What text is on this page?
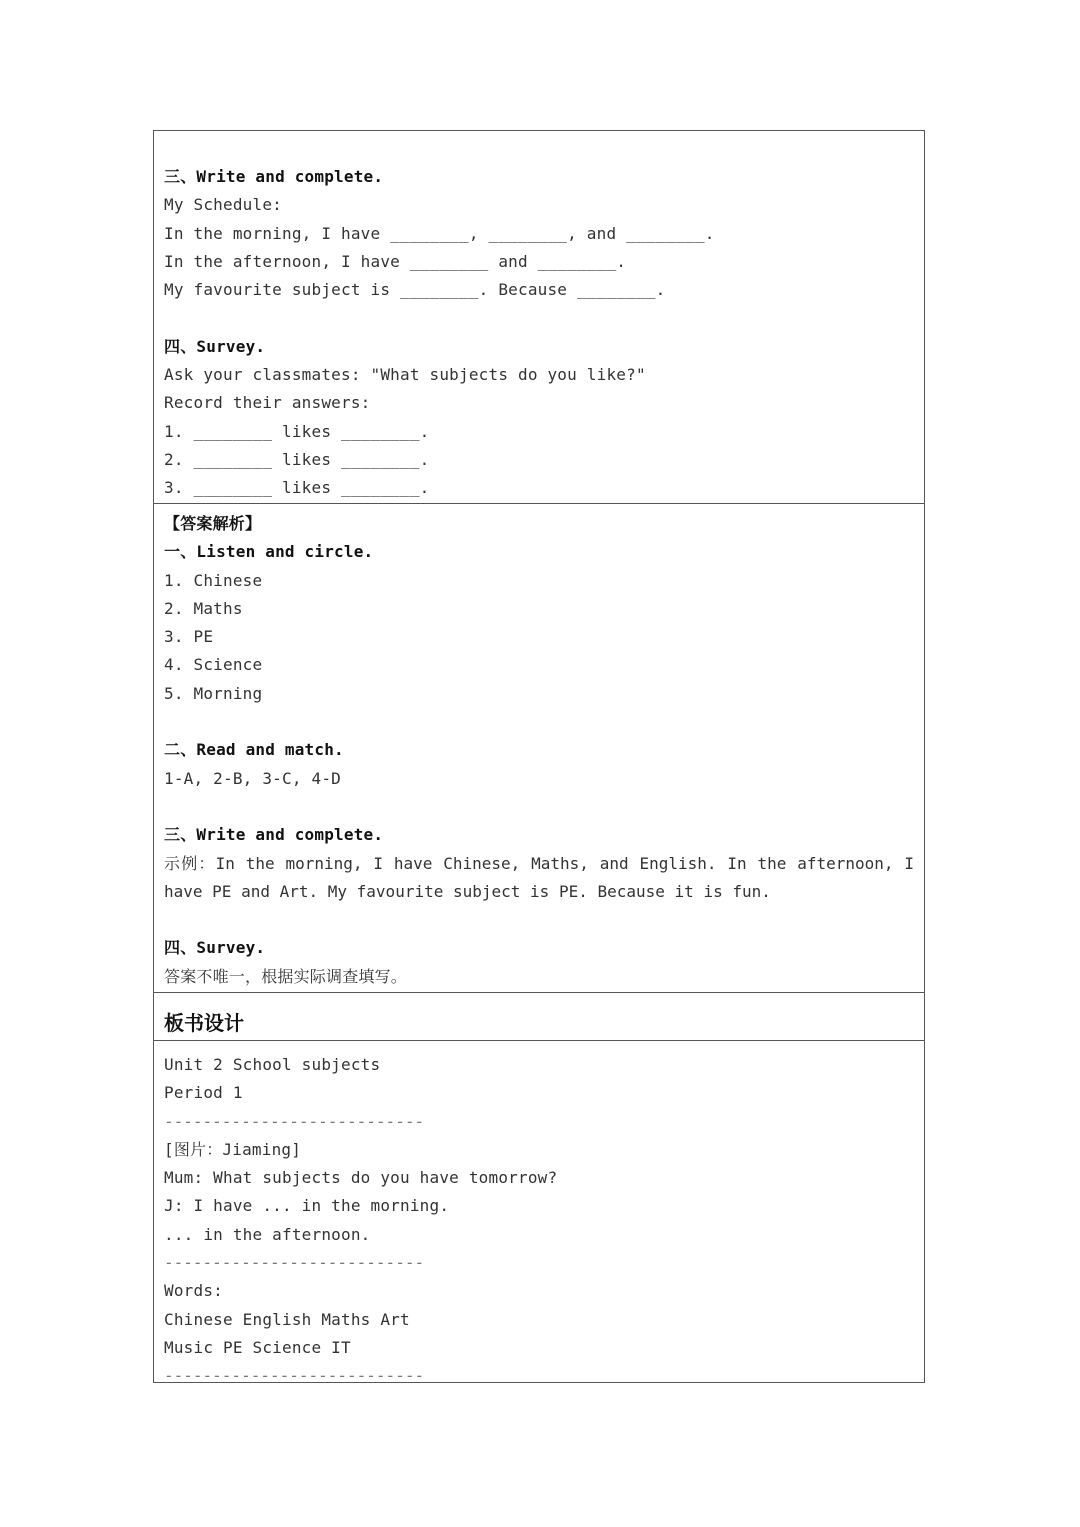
三、Write and complete.
My Schedule:
In the morning, I have ________, ________, and ________.
In the afternoon, I have ________ and ________.
My favourite subject is ________. Because ________.
四、Survey.
Ask your classmates: "What subjects do you like?"
Record their answers:
1. ________ likes ________.
2. ________ likes ________.
3. ________ likes ________.
【答案解析】
一、Listen and circle.
1. Chinese
2. Maths
3. PE
4. Science
5. Morning
二、Read and match.
1-A, 2-B, 3-C, 4-D
三、Write and complete.
示例：In the morning, I have Chinese, Maths, and English. In the afternoon, I have PE and Art. My favourite subject is PE. Because it is fun.
四、Survey.
答案不唯一，根据实际调查填写。
板书设计
Unit 2 School subjects
Period 1
---------------------------
[图片：Jiaming]
Mum: What subjects do you have tomorrow?
J: I have ... in the morning.
... in the afternoon.
---------------------------
Words:
Chinese English Maths Art
Music PE Science IT
---------------------------
